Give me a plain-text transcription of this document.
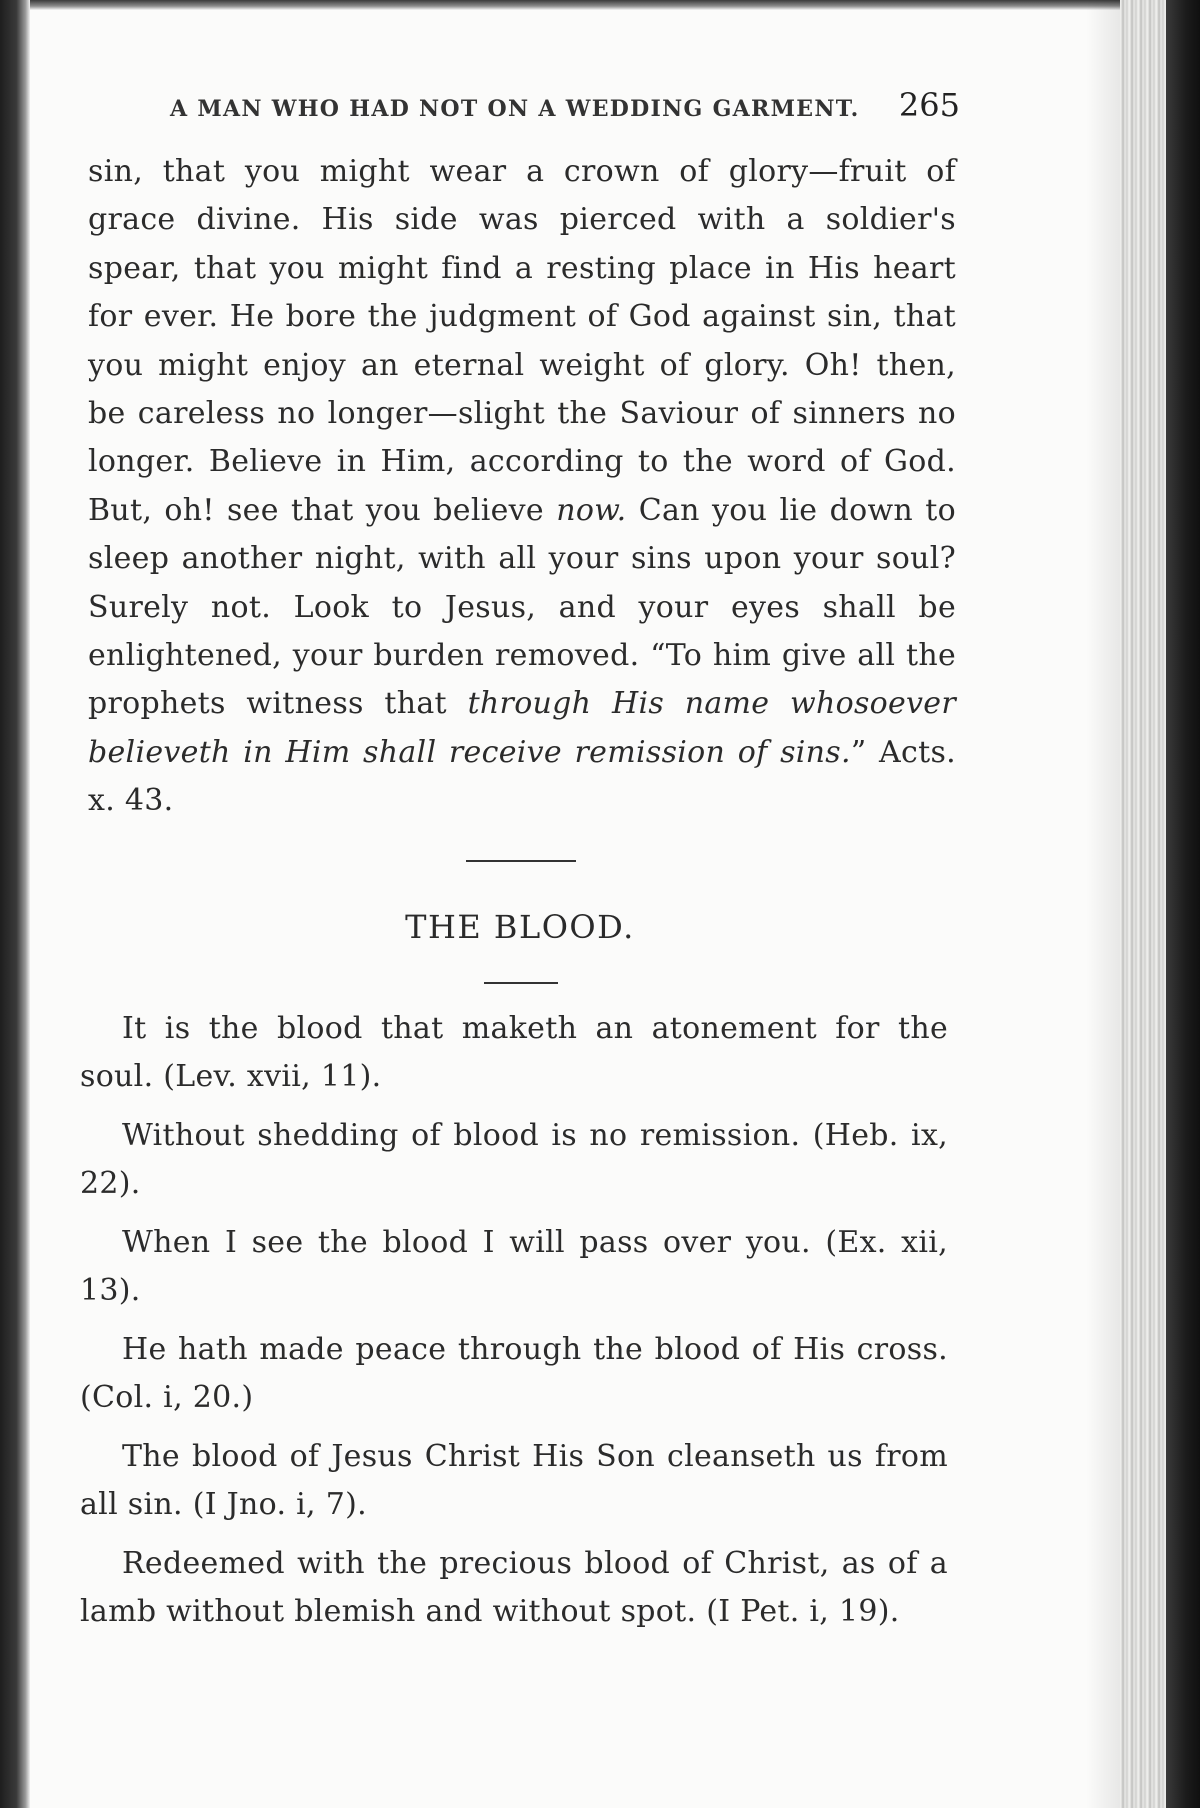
A MAN WHO HAD NOT ON A WEDDING GARMENT. 265
sin, that you might wear a crown of glory—fruit of grace divine. His side was pierced with a soldier's spear, that you might find a resting place in His heart for ever. He bore the judgment of God against sin, that you might enjoy an eternal weight of glory. Oh! then, be careless no longer—slight the Saviour of sinners no longer. Believe in Him, according to the word of God. But, oh! see that you believe now. Can you lie down to sleep another night, with all your sins upon your soul? Surely not. Look to Jesus, and your eyes shall be enlightened, your burden removed. “To him give all the prophets witness that through His name whosoever believeth in Him shall receive remission of sins.” Acts. x. 43.
THE BLOOD.

It is the blood that maketh an atonement for the soul. (Lev. xvii, 11).

Without shedding of blood is no remission. (Heb. ix, 22).

When I see the blood I will pass over you. (Ex. xii, 13).

He hath made peace through the blood of His cross. (Col. i, 20.)

The blood of Jesus Christ His Son cleanseth us from all sin. (I Jno. i, 7).

Redeemed with the precious blood of Christ, as of a lamb without blemish and without spot. (I Pet. i, 19).
